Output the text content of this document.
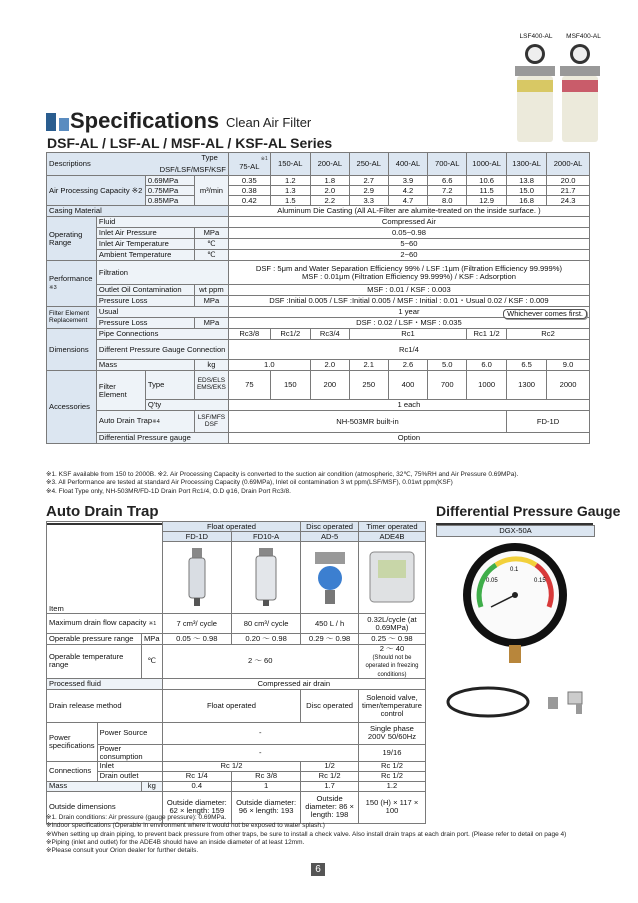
LSF400-AL	MSF400-AL
Specifications Clean Air Filter
DSF-AL / LSF-AL / MSF-AL / KSF-AL Series
Descriptions
Type
DSF/LSF/MSF/KSF				※1
75-AL	150-AL	200-AL	250-AL	400-AL	700-AL	1000-AL	1300-AL	2000-AL
Air Processing Capacity ※2		0.69MPa	m³/min	0.35	1.2	1.8	2.7	3.9	6.6	10.6	13.8	20.0
		0.75MPa		0.38	1.3	2.0	2.9	4.2	7.2	11.5	15.0	21.7
		0.85MPa		0.42	1.5	2.2	3.3	4.7	8.0	12.9	16.8	24.3
Casing Material				Aluminum Die Casting (All AL-Filter are alumite-treated on the inside surface. )								
Operating Range	Fluid			Compressed Air								
	Inlet Air Pressure		MPa	0.05~0.98								
	Inlet Air Temperature		℃	5~60								
	Ambient Temperature		℃	2~60								
Performance
※3	Filtration			DSF : 5μm and Water Separation Efficiency 99% / LSF :1μm (Filtration Efficiency 99.999%)
MSF : 0.01μm (Filtration Efficiency 99.999%) / KSF : Adsorption								
	Outlet Oil Contamination		wt ppm	MSF : 0.01 / KSF : 0.003								
	Pressure Loss		MPa	DSF :Initial 0.005 / LSF :Initial 0.005 / MSF : Initial : 0.01・Usual 0.02 / KSF : 0.009								
Filter Element Replacement	Usual			1 year Whichever comes first.								

	Pressure Loss		MPa	DSF : 0.02 / LSF・MSF : 0.035								
Dimensions	Pipe Connections			Rc3/8	Rc1/2	Rc3/4	Rc1			Rc1 1/2	Rc2	
	Different Pressure Gauge Connection			Rc1/4								
	Mass		kg	1.0		2.0	2.1	2.6	5.0	6.0	6.5	9.0
Accessories	Filter Element	Type	EDS/ELS EMS/EKS	75	150	200	250	400	700	1000	1300	2000
		Q'ty		1 each								
	Auto Drain Trap※4		LSF/MFS DSF	NH-503MR built-in							FD-1D	
	Differential Pressure gauge			Option								
※1. KSF available from 150 to 2000B. ※2. Air Processing Capacity is converted to the suction air condition (atmospheric, 32℃, 75%RH and Air Pressure 0.69MPa).
※3. All Performance are tested at standard Air Processing Capacity (0.69MPa), Inlet oil contamination 3 wt ppm(LSF/MSF), 0.01wt ppm(KSF)
※4. Float Type only, NH-503MR/FD-1D Drain Port Rc1/4, O.D φ16, Drain Port Rc3/8.
Auto Drain Trap
Item			Float operated		Disc operated	Timer operated
			FD-1D	FD10-A	AD-5	ADE4B

Maximum drain flow capacity ※1			7 cm³/ cycle	80 cm³/ cycle	450 L / h	0.32L/cycle (at 0.69MPa)
Operable pressure range		MPa	0.05 ～ 0.98	0.20 ～ 0.98	0.29 ～ 0.98	0.25 ～ 0.98
Operable temperature range		℃	2 ～ 60			2 ～ 40
(Should not be operated in freezing conditions)
Processed fluid			Compressed air drain			
Drain release method			Float operated		Disc operated	Solenoid valve, timer/temperature control
Power specifications	Power Source		-			Single phase 200V 50/60Hz
	Power consumption		-			19/16
Connections	Inlet		Rc 1/2		1/2	Rc 1/2
	Drain outlet		Rc 1/4	Rc 3/8	Rc 1/2	Rc 1/2
Mass		kg	0.4	1	1.7	1.2
Outside dimensions			Outside diameter: 62 × length: 159	Outside diameter: 96 × length: 193	Outside diameter: 86 × length: 198	150 (H) × 117 × 100
※1. Drain conditions: Air pressure (gauge pressure): 0.69MPa.
※Indoor specifications (Operable in environment where it would not be exposed to water splash.)
※When setting up drain piping, to prevent back pressure from other traps, be sure to install a check valve. Also install drain traps at each drain port. (Please refer to detail on page 4)
※Piping (inlet and outlet) for the ADE4B should have an inside diameter of at least 12mm.
※Please consult your Orion dealer for further details.
Differential Pressure Gauge
DGX-50A
0.05
0.1
0.15
6
